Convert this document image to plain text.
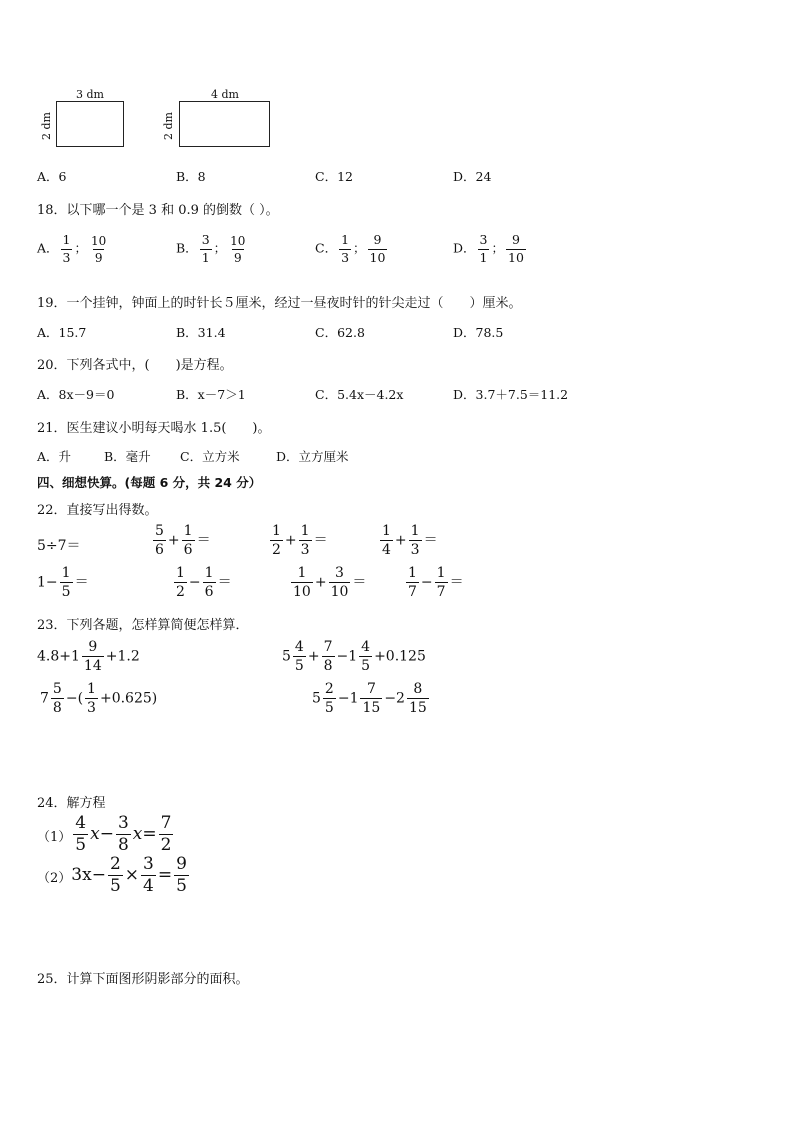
3 dm
2 dm
4 dm
2 dm
A．6	B．8	C．12	D．24
18．以下哪一个是 3 和 0.9 的倒数（ ）。
A． $\frac{1}{3}$ ； $\frac{10}{9}$	B． $\frac{3}{1}$ ； $\frac{10}{9}$	C． $\frac{1}{3}$ ； $\frac{9}{10}$	D． $\frac{3}{1}$ ； $\frac{9}{10}$
19．一个挂钟，钟面上的时针长５厘米，经过一昼夜时针的针尖走过（　　）厘米。
A．15.7	B．31.4	C．62.8	D．78.5
20．下列各式中，(　　)是方程。
A．8x－9＝0	B．x－7＞1	C．5.4x－4.2x	D．3.7＋7.5＝11.2
21．医生建议小明每天喝水 1.5(　　)。
A．升	B．毫升 C．立方米	D．立方厘米
四、细想快算。(每题 6 分，共 24 分）
22．直接写出得数。
5÷7＝	$\frac{5}{6} + \frac{1}{6}$ ＝	$\frac{1}{2} + \frac{1}{3}$ ＝	$\frac{1}{4} + \frac{1}{3}$ ＝
$1- \frac{1}{5}$ ＝	$\frac{1}{2} - \frac{1}{6}$ ＝	$\frac{1}{10} + \frac{3}{10}$ ＝	$\frac{1}{7} - \frac{1}{7}$ ＝
23．下列各题，怎样算简便怎样算．
$4.8+1 \frac{9}{14} +1.2$	$5 \frac{4}{5} + \frac{7}{8} -1 \frac{4}{5} +0.125$
$7 \frac{5}{8}$ −( $\frac{1}{3} +0.625$)	$5 \frac{2}{5} -1 \frac{7}{15} -2 \frac{8}{15}$
24．解方程
$(1) \frac{4}{5} x- \frac{3}{8} x= \frac{7}{2}$
$(2)3x- \frac{2}{5} \times \frac{3}{4} = \frac{9}{5}$
25．计算下面图形阴影部分的面积。
